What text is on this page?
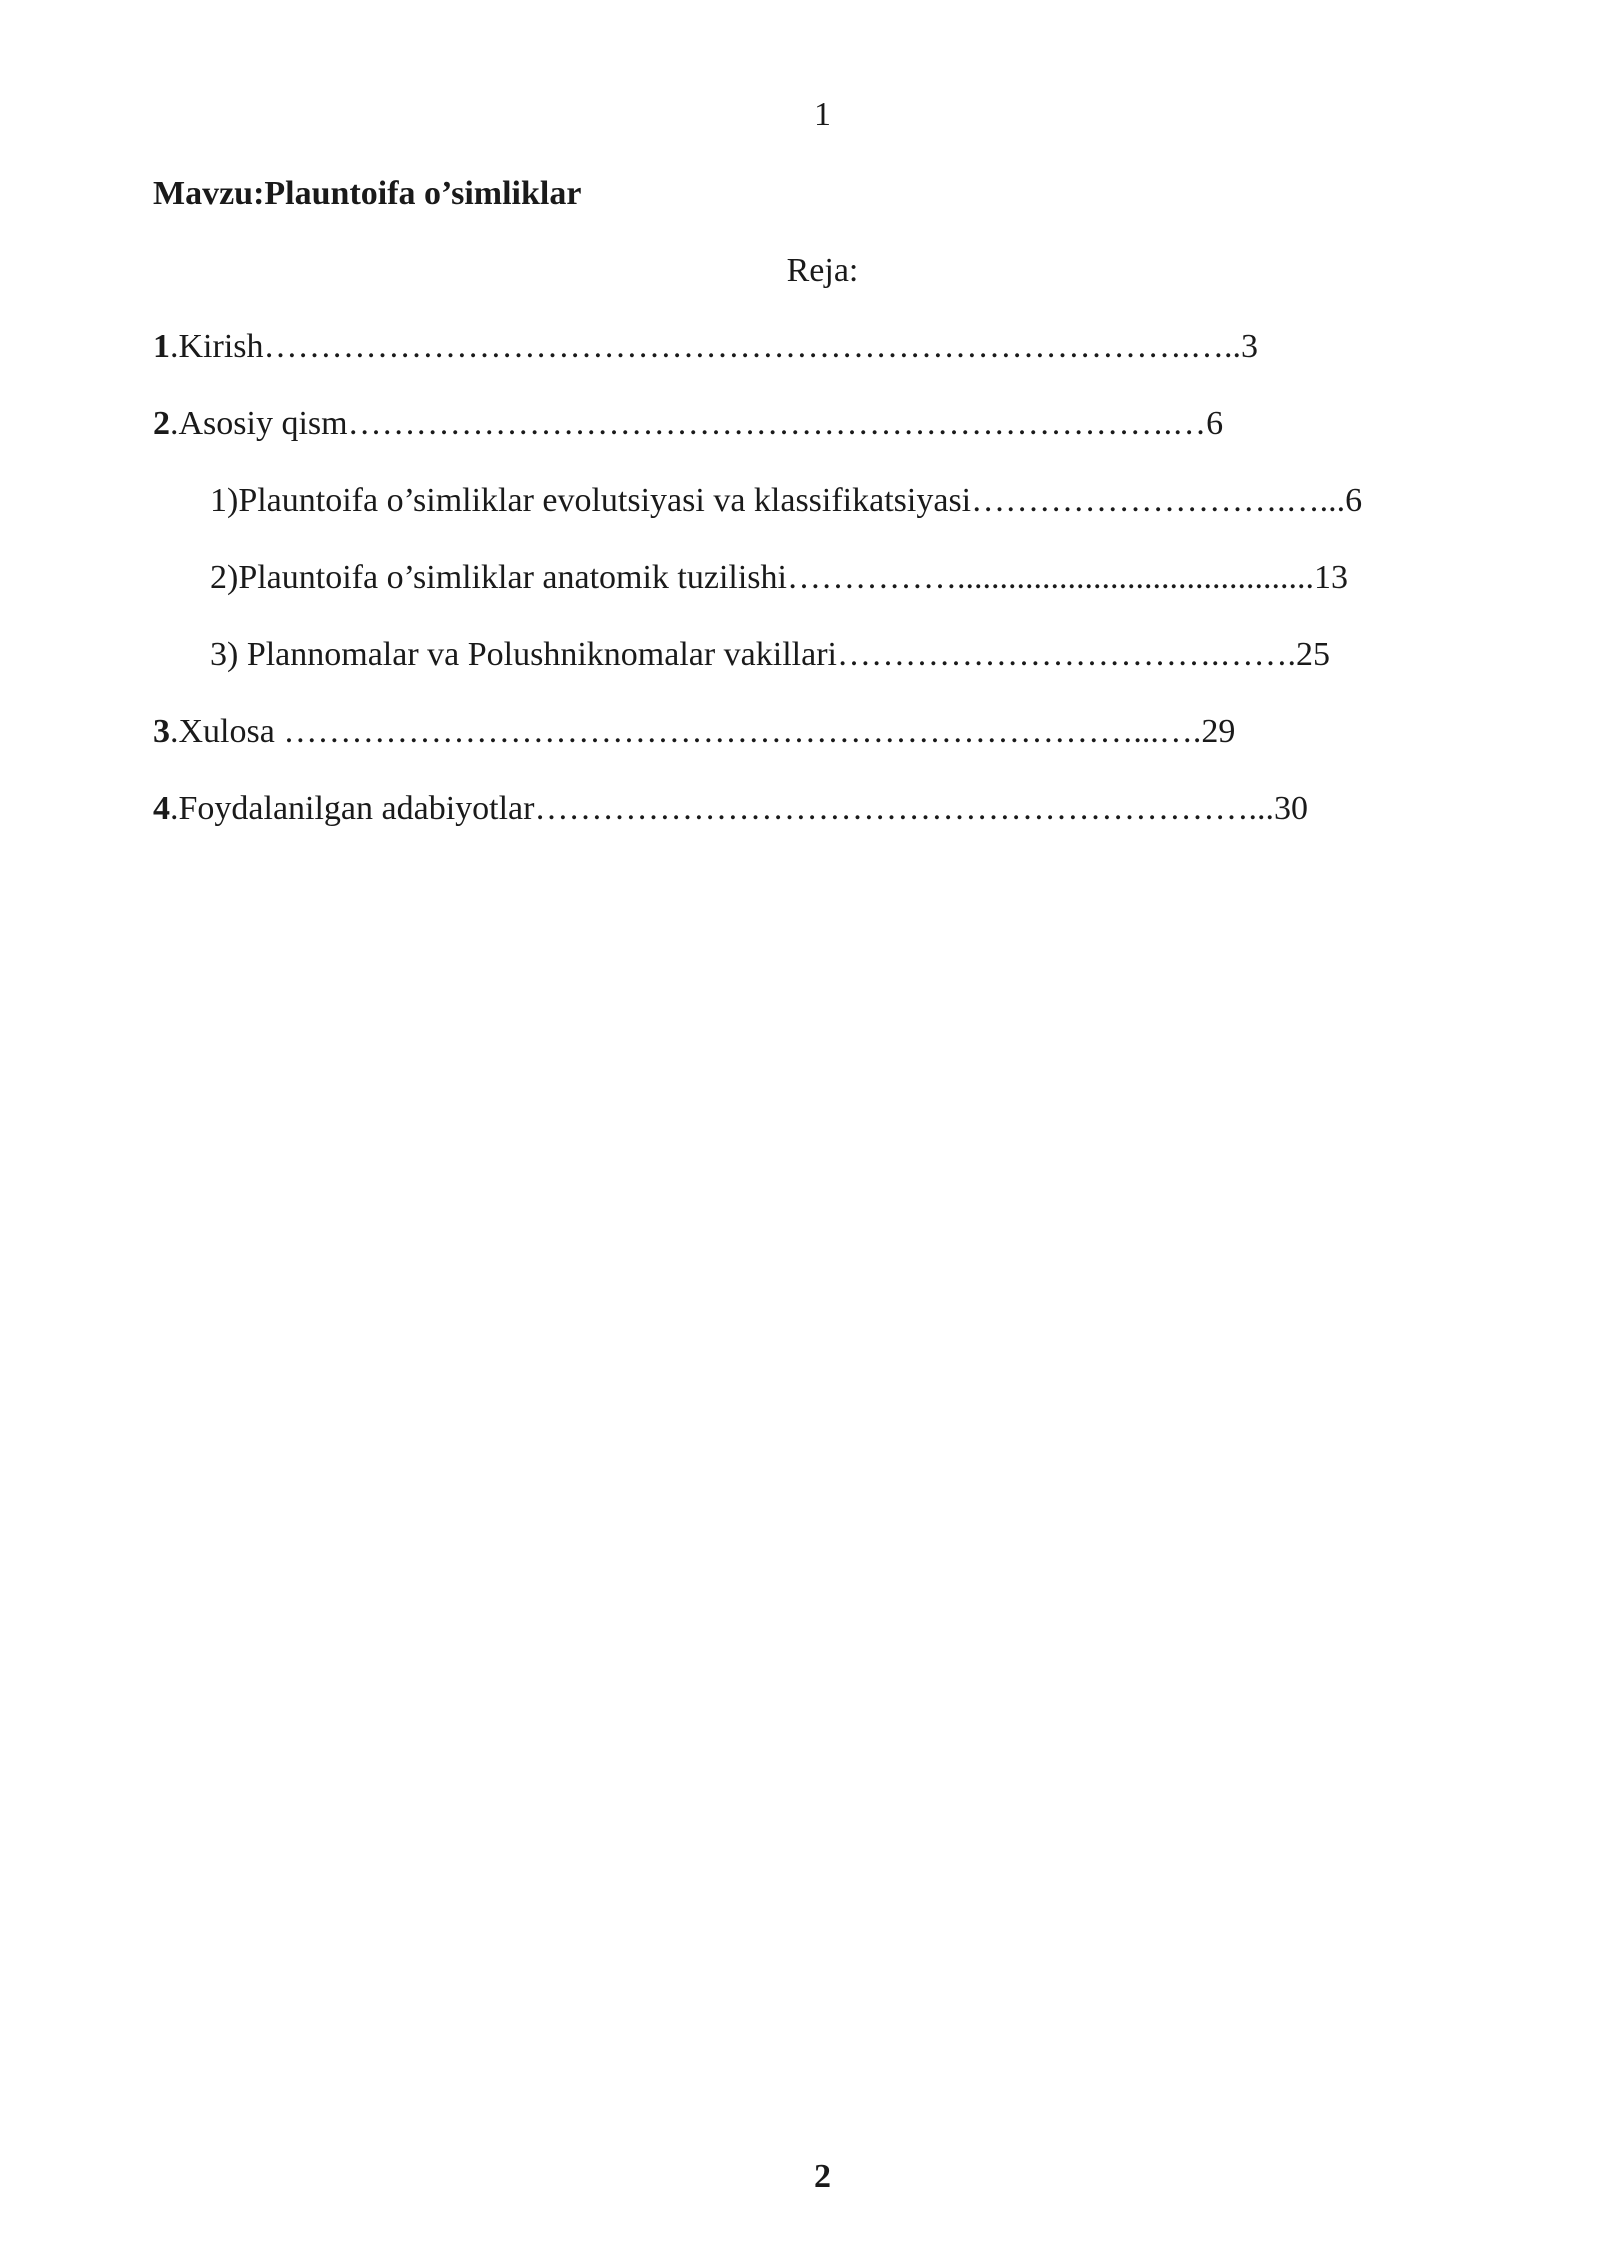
1
Mavzu:Plauntoifa o’simliklar
Reja:
1.Kirish……………………………………………………………………….…..3
2.Asosiy qism……………………………………………………………….…6
1)Plauntoifa o’simliklar evolutsiyasi va klassifikatsiyasi……………………….…...6
2)Plauntoifa o’simliklar anatomik tuzilishi……………..........................................13
3) Plannomalar va Polushniknomalar vakillari…………………………….…….25
3.Xulosa …………………………………………………………………...….29
4.Foydalanilgan adabiyotlar………………………………………………………...30
2
